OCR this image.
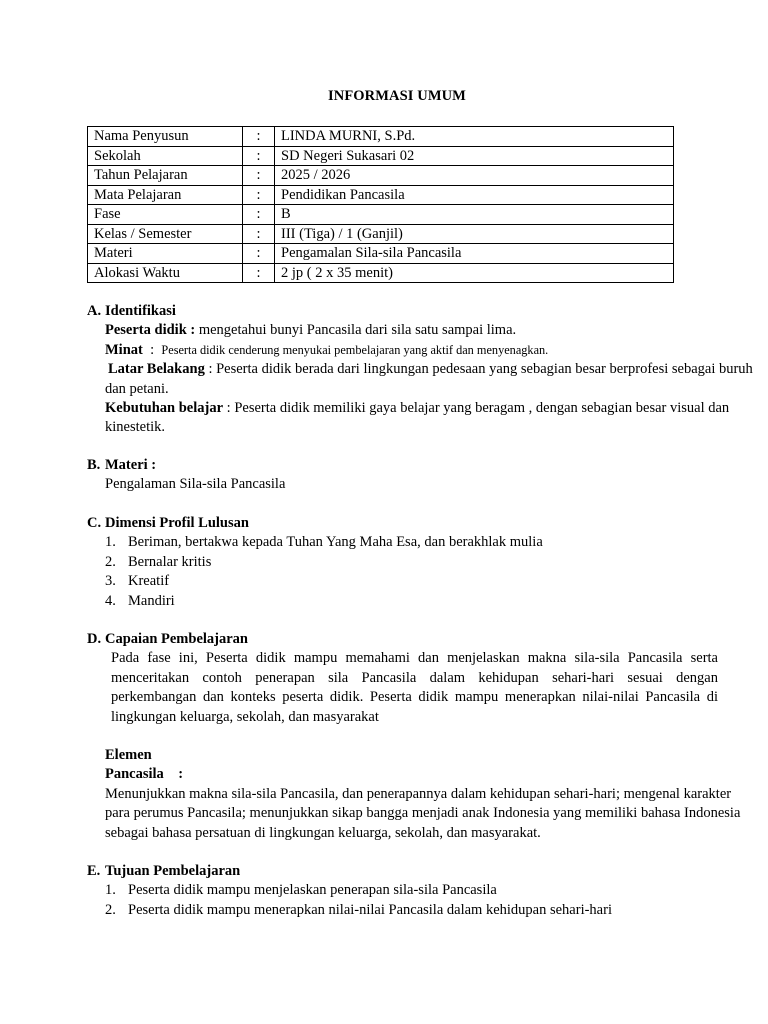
INFORMASI UMUM
Nama Penyusun	:	LINDA MURNI, S.Pd.
Sekolah	:	SD Negeri Sukasari 02
Tahun Pelajaran	:	2025 / 2026
Mata Pelajaran	:	Pendidikan Pancasila
Fase	:	B
Kelas / Semester	:	III (Tiga) / 1 (Ganjil)
Materi	:	Pengamalan Sila-sila Pancasila
Alokasi Waktu	:	2 jp ( 2 x 35 menit)
A. Identifikasi
Peserta didik : mengetahui bunyi Pancasila dari sila satu sampai lima.
Minat  :  Peserta didik cenderung menyukai pembelajaran yang aktif dan menyenagkan.
Latar Belakang : Peserta didik berada dari lingkungan pedesaan yang sebagian besar berprofesi sebagai buruh dan petani.
Kebutuhan belajar : Peserta didik memiliki gaya belajar yang beragam , dengan sebagian besar visual dan kinestetik.
B. Materi :
Pengalaman Sila-sila Pancasila
C. Dimensi Profil Lulusan
1. Beriman, bertakwa kepada Tuhan Yang Maha Esa, dan berakhlak mulia
2. Bernalar kritis
3. Kreatif
4. Mandiri
D. Capaian Pembelajaran
Pada fase ini, Peserta didik mampu memahami dan menjelaskan makna sila-sila Pancasila serta menceritakan contoh penerapan sila Pancasila dalam kehidupan sehari-hari sesuai dengan perkembangan dan konteks peserta didik. Peserta didik mampu menerapkan nilai-nilai Pancasila di lingkungan keluarga, sekolah, dan masyarakat
Elemen
Pancasila    :
Menunjukkan makna sila-sila Pancasila, dan penerapannya dalam kehidupan sehari-hari; mengenal karakter para perumus Pancasila; menunjukkan sikap bangga menjadi anak Indonesia yang memiliki bahasa Indonesia sebagai bahasa persatuan di lingkungan keluarga, sekolah, dan masyarakat.
E. Tujuan Pembelajaran
1. Peserta didik mampu menjelaskan penerapan sila-sila Pancasila
2. Peserta didik mampu menerapkan nilai-nilai Pancasila dalam kehidupan sehari-hari
